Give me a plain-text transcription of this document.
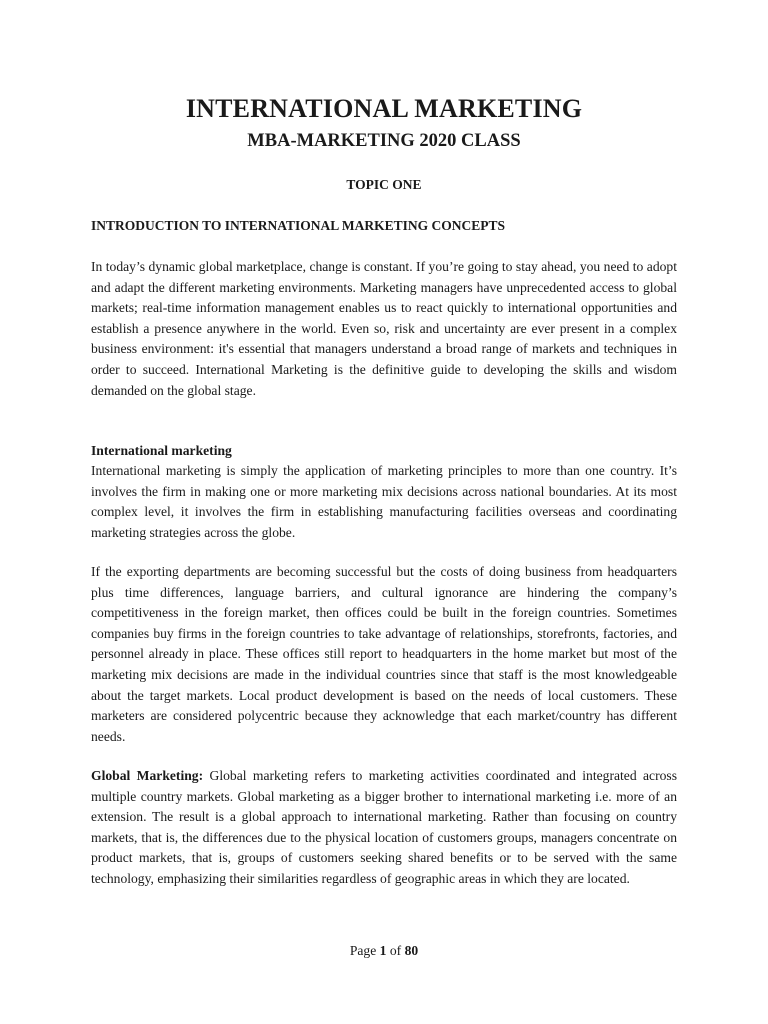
INTERNATIONAL MARKETING
MBA-MARKETING 2020 CLASS
TOPIC ONE
INTRODUCTION TO INTERNATIONAL MARKETING CONCEPTS

In today’s dynamic global marketplace, change is constant. If you’re going to stay ahead, you need to adopt and adapt the different marketing environments. Marketing managers have unprecedented access to global markets; real-time information management enables us to react quickly to international opportunities and establish a presence anywhere in the world. Even so, risk and uncertainty are ever present in a complex business environment: it's essential that managers understand a broad range of markets and techniques in order to succeed. International Marketing is the definitive guide to developing the skills and wisdom demanded on the global stage.

International marketing

International marketing is simply the application of marketing principles to more than one country. It’s involves the firm in making one or more marketing mix decisions across national boundaries. At its most complex level, it involves the firm in establishing manufacturing facilities overseas and coordinating marketing strategies across the globe.

If the exporting departments are becoming successful but the costs of doing business from headquarters plus time differences, language barriers, and cultural ignorance are hindering the company’s competitiveness in the foreign market, then offices could be built in the foreign countries. Sometimes companies buy firms in the foreign countries to take advantage of relationships, storefronts, factories, and personnel already in place. These offices still report to headquarters in the home market but most of the marketing mix decisions are made in the individual countries since that staff is the most knowledgeable about the target markets. Local product development is based on the needs of local customers. These marketers are considered polycentric because they acknowledge that each market/country has different needs.

Global Marketing: Global marketing refers to marketing activities coordinated and integrated across multiple country markets. Global marketing as a bigger brother to international marketing i.e. more of an extension. The result is a global approach to international marketing. Rather than focusing on country markets, that is, the differences due to the physical location of customers groups, managers concentrate on product markets, that is, groups of customers seeking shared benefits or to be served with the same technology, emphasizing their similarities regardless of geographic areas in which they are located.

Page 1 of 80
